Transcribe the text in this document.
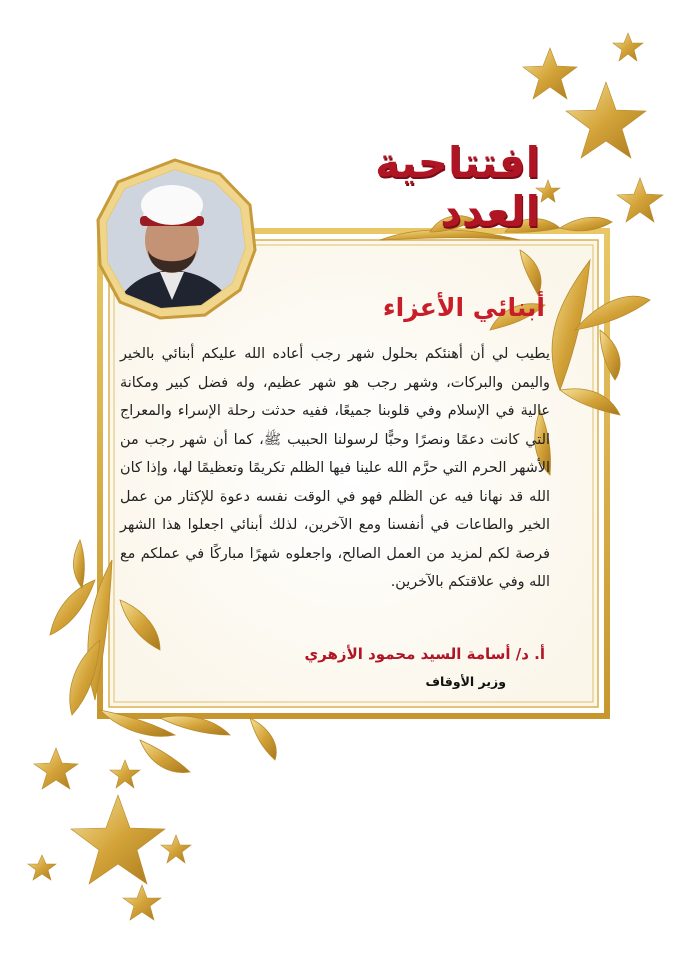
افتتاحية العدد
أبنائي الأعزاء

يطيب لي أن أهنئكم بحلول شهر رجب أعاده الله عليكم أبنائي بالخير واليمن والبركات، وشهر رجب هو شهر عظيم، وله فضل كبير ومكانة عالية في الإسلام وفي قلوبنا جميعًا، ففيه حدثت رحلة الإسراء والمعراج التي كانت دعمًا ونصرًا وحبًّا لرسولنا الحبيب ﷺ، كما أن شهر رجب من الأشهر الحرم التي حرَّم الله علينا فيها الظلم تكريمًا وتعظيمًا لها، وإذا كان الله قد نهانا فيه عن الظلم فهو في الوقت نفسه دعوة للإكثار من عمل الخير والطاعات في أنفسنا ومع الآخرين، لذلك أبنائي اجعلوا هذا الشهر فرصة لكم لمزيد من العمل الصالح، واجعلوه شهرًا مباركًا في عملكم مع الله وفي علاقتكم بالآخرين.

أ. د/ أسامة السيد محمود الأزهري
وزير الأوقاف
